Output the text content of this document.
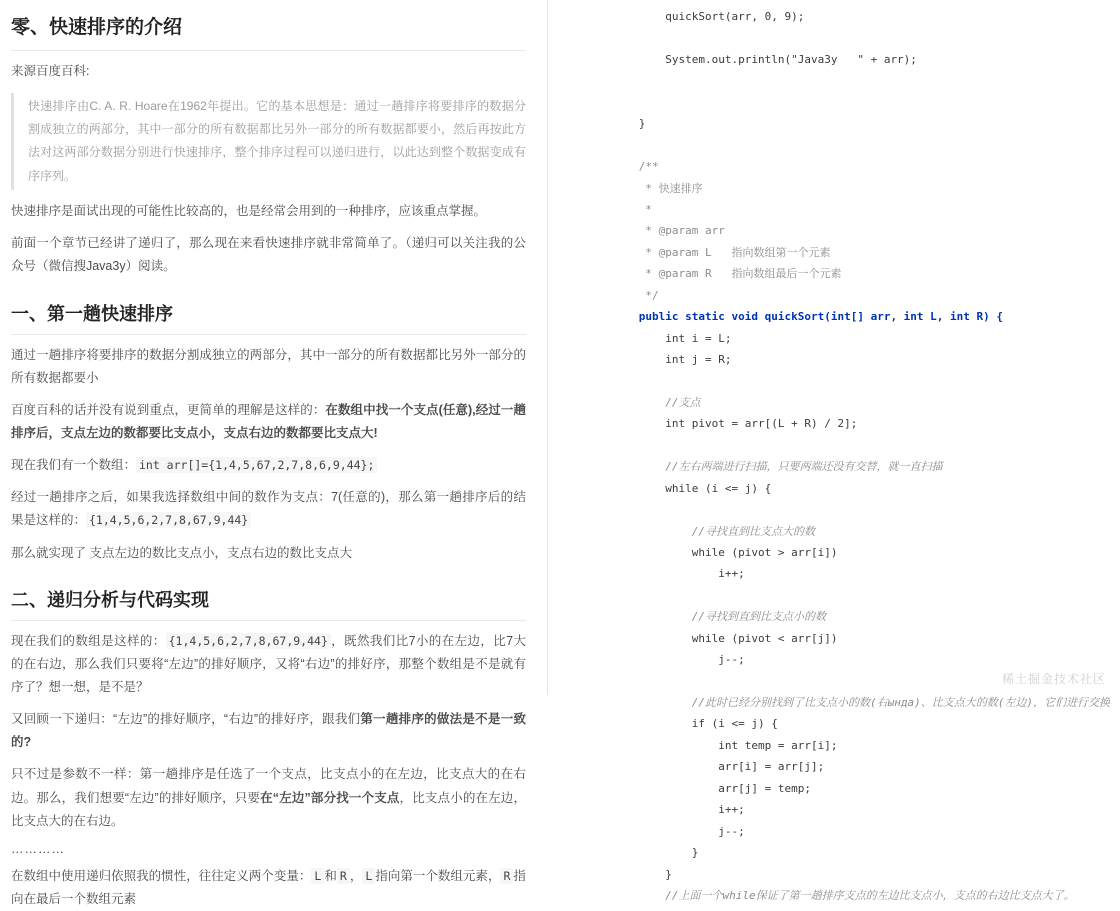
零、快速排序的介绍

来源百度百科:

快速排序由C. A. R. Hoare在1962年提出。它的基本思想是：通过一趟排序将要排序的数据分割成独立的两部分，其中一部分的所有数据都比另外一部分的所有数据都要小，然后再按此方法对这两部分数据分别进行快速排序，整个排序过程可以递归进行，以此达到整个数据变成有序序列。

快速排序是面试出现的可能性比较高的，也是经常会用到的一种排序，应该重点掌握。

前面一个章节已经讲了递归了，那么现在来看快速排序就非常简单了。（递归可以关注我的公众号（微信搜Java3y）阅读。

一、第一趟快速排序

通过一趟排序将要排序的数据分割成独立的两部分，其中一部分的所有数据都比另外一部分的所有数据都要小

百度百科的话并没有说到重点，更简单的理解是这样的：在数组中找一个支点(任意),经过一趟排序后，支点左边的数都要比支点小，支点右边的数都要比支点大!

现在我们有一个数组： int arr[]={1,4,5,67,2,7,8,6,9,44};

经过一趟排序之后，如果我选择数组中间的数作为支点：7(任意的)，那么第一趟排序后的结果是这样的： {1,4,5,6,2,7,8,67,9,44}

那么就实现了 支点左边的数比支点小，支点右边的数比支点大

二、递归分析与代码实现

现在我们的数组是这样的： {1,4,5,6,2,7,8,67,9,44} ，既然我们比7小的在左边，比7大的在右边，那么我们只要将“左边”的排好顺序，又将“右边”的排好序，那整个数组是不是就有序了？想一想，是不是？

又回顾一下递归：“左边”的排好顺序，“右边”的排好序，跟我们第一趟排序的做法是不是一致的?

只不过是参数不一样：第一趟排序是任选了一个支点，比支点小的在左边，比支点大的在右边。那么，我们想要“左边”的排好顺序，只要在“左边”部分找一个支点，比支点小的在左边，比支点大的在右边。

…………

在数组中使用递归依照我的惯性，往往定义两个变量： L 和 R ， L 指向第一个数组元素， R 指向在最后一个数组元素

quickSort(arr, 0, 9);

System.out.println("Java3y   " + arr);

}

/**
* 快速排序
*
* @param arr
* @param L   指向数组第一个元素
* @param R   指向数组最后一个元素
*/
public static void quickSort(int[] arr, int L, int R) {
int i = L;
int j = R;

//支点
int pivot = arr[(L + R) / 2];

//左右两端进行扫描，只要两端还没有交替，就一直扫描
while (i <= j) {

//寻找直到比支点大的数
while (pivot > arr[i])
i++;

//寻找到直到比支点小的数
while (pivot < arr[j])
j--;

//此时已经分别找到了比支点小的数(右ында)、比支点大的数(左边)，它们进行交换
if (i <= j) {
int temp = arr[i];
arr[i] = arr[j];
arr[j] = temp;
i++;
j--;
}
}
//上面一个while保证了第一趟排序支点的左边比支点小，支点的右边比支点大了。
稀土掘金技术社区
